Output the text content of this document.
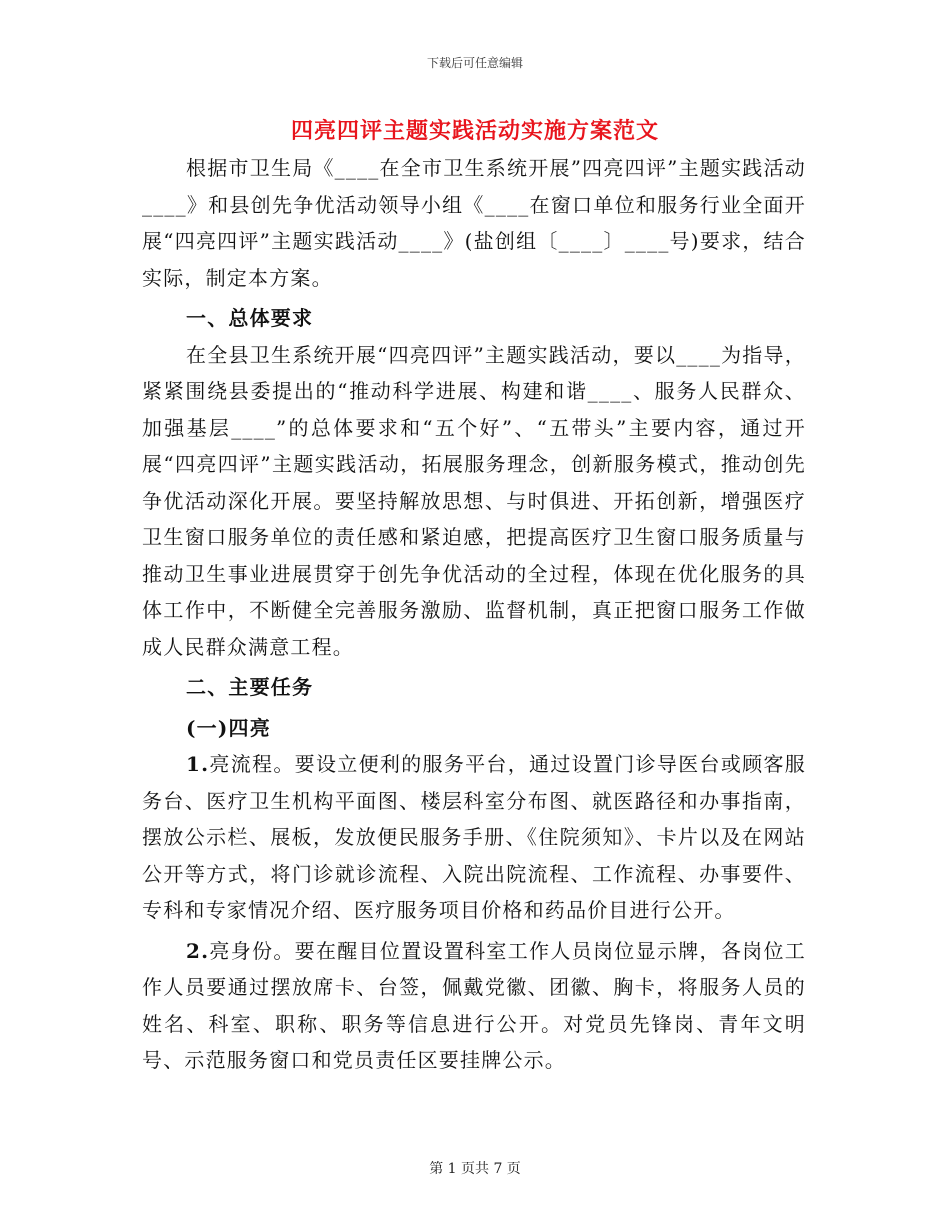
下载后可任意编辑
四亮四评主题实践活动实施方案范文

根据市卫生局《____在全市卫生系统开展”四亮四评”主题实践活动____》和县创先争优活动领导小组《____在窗口单位和服务行业全面开展“四亮四评”主题实践活动____》(盐创组〔____〕____号)要求，结合实际，制定本方案。

一、总体要求

在全县卫生系统开展“四亮四评”主题实践活动，要以____为指导，紧紧围绕县委提出的“推动科学进展、构建和谐____、服务人民群众、加强基层____”的总体要求和“五个好”、“五带头”主要内容，通过开展“四亮四评”主题实践活动，拓展服务理念，创新服务模式，推动创先争优活动深化开展。要坚持解放思想、与时俱进、开拓创新，增强医疗卫生窗口服务单位的责任感和紧迫感，把提高医疗卫生窗口服务质量与推动卫生事业进展贯穿于创先争优活动的全过程，体现在优化服务的具体工作中，不断健全完善服务激励、监督机制，真正把窗口服务工作做成人民群众满意工程。

二、主要任务

(一)四亮

1.亮流程。要设立便利的服务平台，通过设置门诊导医台或顾客服务台、医疗卫生机构平面图、楼层科室分布图、就医路径和办事指南，摆放公示栏、展板，发放便民服务手册、《住院须知》、卡片以及在网站公开等方式，将门诊就诊流程、入院出院流程、工作流程、办事要件、专科和专家情况介绍、医疗服务项目价格和药品价目进行公开。

2.亮身份。要在醒目位置设置科室工作人员岗位显示牌，各岗位工作人员要通过摆放席卡、台签，佩戴党徽、团徽、胸卡，将服务人员的姓名、科室、职称、职务等信息进行公开。对党员先锋岗、青年文明号、示范服务窗口和党员责任区要挂牌公示。

第 1 页共 7 页
